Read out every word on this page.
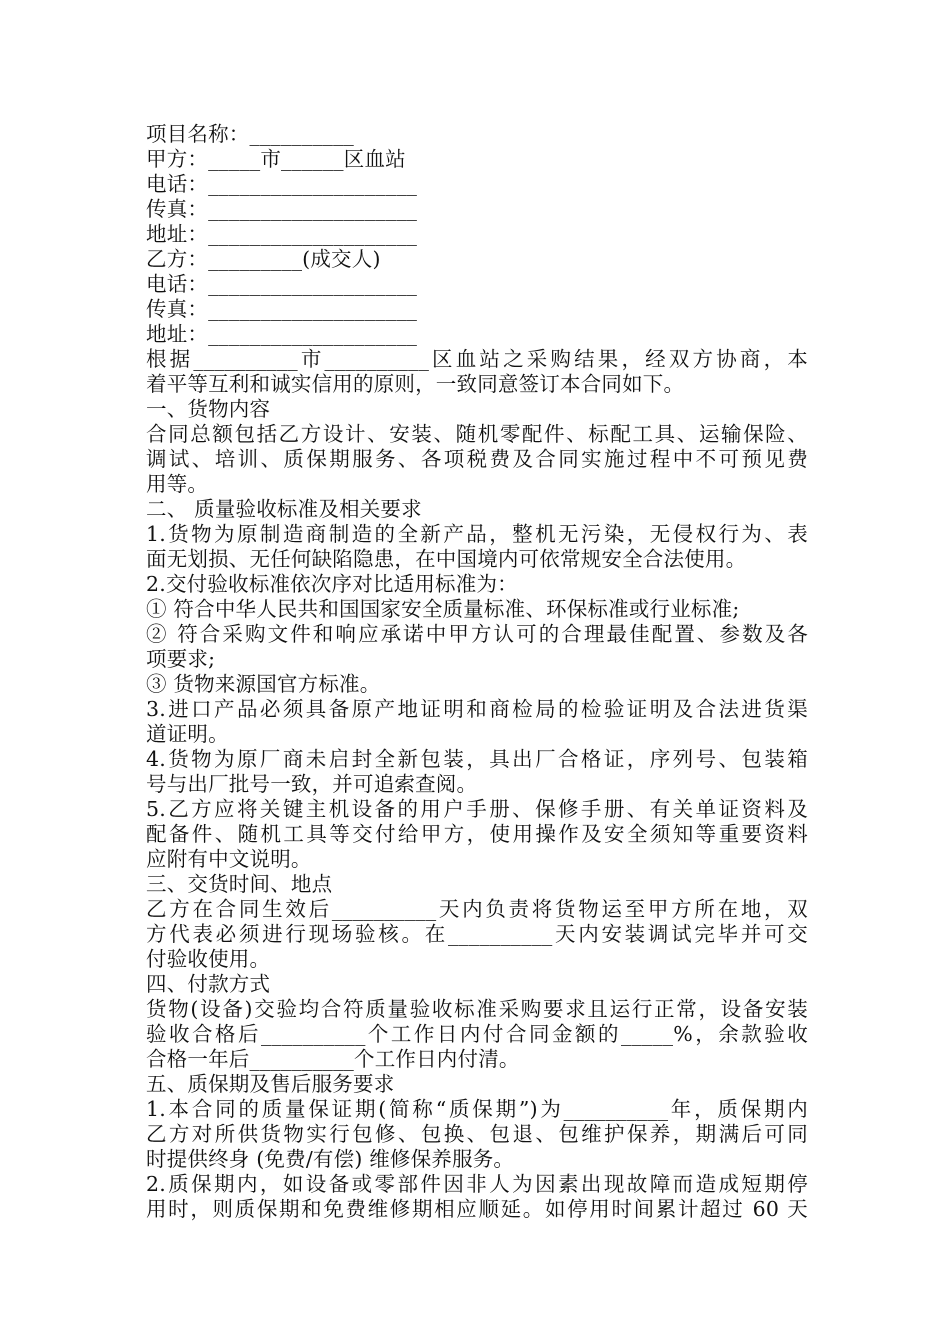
项目名称：__________
甲方：_____市______区血站
电话：____________________
传真：____________________
地址：____________________
乙方：_________(成交人)
电话：____________________
传真：____________________
地址：____________________
根据__________市__________区血站之采购结果，经双方协商，本
着平等互利和诚实信用的原则，一致同意签订本合同如下。
一、货物内容
合同总额包括乙方设计、安装、随机零配件、标配工具、运输保险、
调试、培训、质保期服务、各项税费及合同实施过程中不可预见费
用等。
二、 质量验收标准及相关要求
1.货物为原制造商制造的全新产品，整机无污染，无侵权行为、表
面无划损、无任何缺陷隐患，在中国境内可依常规安全合法使用。
2.交付验收标准依次序对比适用标准为：
① 符合中华人民共和国国家安全质量标准、环保标准或行业标准;
② 符合采购文件和响应承诺中甲方认可的合理最佳配置、参数及各
项要求;
③ 货物来源国官方标准。
3.进口产品必须具备原产地证明和商检局的检验证明及合法进货渠
道证明。
4.货物为原厂商未启封全新包装，具出厂合格证，序列号、包装箱
号与出厂批号一致，并可追索查阅。
5.乙方应将关键主机设备的用户手册、保修手册、有关单证资料及
配备件、随机工具等交付给甲方，使用操作及安全须知等重要资料
应附有中文说明。
三、交货时间、地点
乙方在合同生效后__________天内负责将货物运至甲方所在地，双
方代表必须进行现场验核。在__________天内安装调试完毕并可交
付验收使用。
四、付款方式
货物(设备)交验均合符质量验收标准采购要求且运行正常，设备安装
验收合格后__________个工作日内付合同金额的_____%，余款验收
合格一年后__________个工作日内付清。
五、质保期及售后服务要求
1.本合同的质量保证期(简称“质保期”)为__________年，质保期内
乙方对所供货物实行包修、包换、包退、包维护保养，期满后可同
时提供终身 (免费/有偿) 维修保养服务。
2.质保期内，如设备或零部件因非人为因素出现故障而造成短期停
用时，则质保期和免费维修期相应顺延。如停用时间累计超过 60 天
